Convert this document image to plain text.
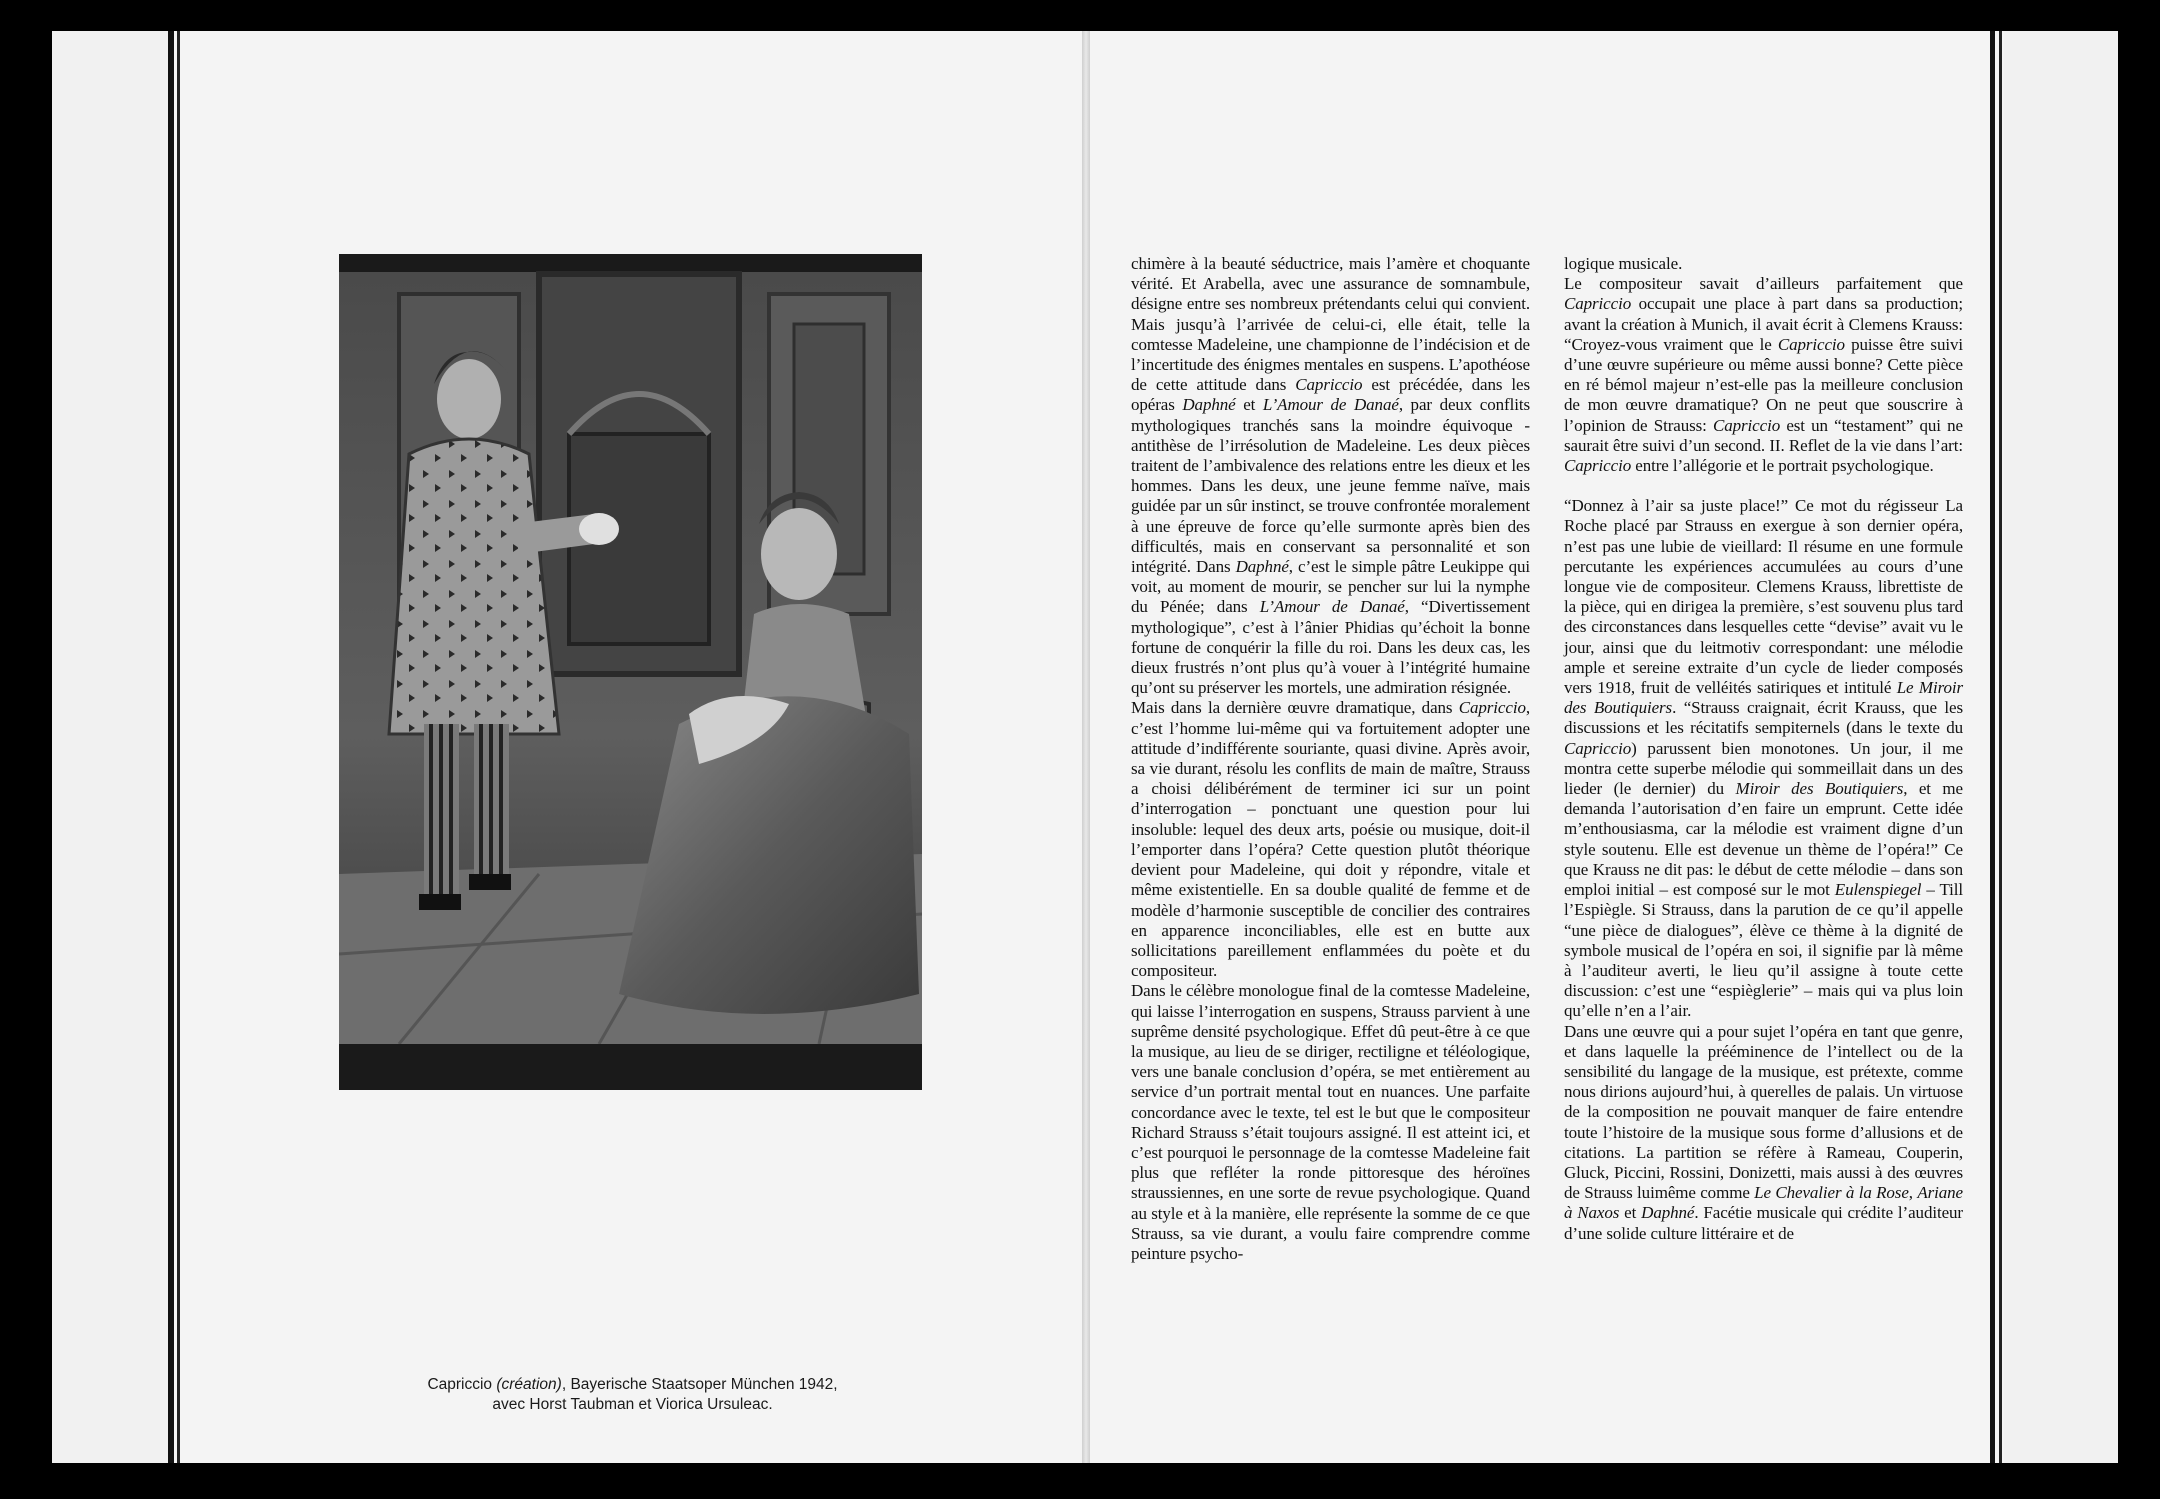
Capriccio (création), Bayerische Staatsoper München 1942,
avec Horst Taubman et Viorica Ursuleac.

chimère à la beauté séductrice, mais l’amère et choquante vérité. Et Arabella, avec une assurance de somnambule, désigne entre ses nombreux prétendants celui qui convient. Mais jusqu’à l’arrivée de celui-ci, elle était, telle la comtesse Madeleine, une championne de l’indécision et de l’incertitude des énigmes mentales en suspens. L’apothéose de cette attitude dans Capriccio est précédée, dans les opéras Daphné et L’Amour de Danaé, par deux conflits mythologiques tranchés sans la moindre équivoque - antithèse de l’irrésolution de Madeleine. Les deux pièces traitent de l’ambivalence des relations entre les dieux et les hommes. Dans les deux, une jeune femme naïve, mais guidée par un sûr instinct, se trouve confrontée moralement à une épreuve de force qu’elle surmonte après bien des difficultés, mais en conservant sa personnalité et son intégrité. Dans Daphné, c’est le simple pâtre Leukippe qui voit, au moment de mourir, se pencher sur lui la nymphe du Pénée; dans L’Amour de Danaé, “Divertissement mythologique”, c’est à l’ânier Phidias qu’échoit la bonne fortune de conquérir la fille du roi. Dans les deux cas, les dieux frustrés n’ont plus qu’à vouer à l’intégrité humaine qu’ont su préserver les mortels, une admiration résignée.

Mais dans la dernière œuvre dramatique, dans Capriccio, c’est l’homme lui-même qui va fortuitement adopter une attitude d’indifférente souriante, quasi divine. Après avoir, sa vie durant, résolu les conflits de main de maître, Strauss a choisi délibérément de terminer ici sur un point d’interrogation – ponctuant une question pour lui insoluble: lequel des deux arts, poésie ou musique, doit-il l’emporter dans l’opéra? Cette question plutôt théorique devient pour Madeleine, qui doit y répondre, vitale et même existentielle. En sa double qualité de femme et de modèle d’harmonie susceptible de concilier des contraires en apparence inconciliables, elle est en butte aux sollicitations pareillement enflammées du poète et du compositeur.

Dans le célèbre monologue final de la comtesse Madeleine, qui laisse l’interrogation en suspens, Strauss parvient à une suprême densité psychologique. Effet dû peut-être à ce que la musique, au lieu de se diriger, rectiligne et téléologique, vers une banale conclusion d’opéra, se met entièrement au service d’un portrait mental tout en nuances. Une parfaite concordance avec le texte, tel est le but que le compositeur Richard Strauss s’était toujours assigné. Il est atteint ici, et c’est pourquoi le personnage de la comtesse Madeleine fait plus que refléter la ronde pittoresque des héroïnes straussiennes, en une sorte de revue psychologique. Quand au style et à la manière, elle représente la somme de ce que Strauss, sa vie durant, a voulu faire comprendre comme peinture psycho-

logique musicale.

Le compositeur savait d’ailleurs parfaitement que Capriccio occupait une place à part dans sa production; avant la création à Munich, il avait écrit à Clemens Krauss: “Croyez-vous vraiment que le Capriccio puisse être suivi d’une œuvre supérieure ou même aussi bonne? Cette pièce en ré bémol majeur n’est-elle pas la meilleure conclusion de mon œuvre dramatique? On ne peut que souscrire à l’opinion de Strauss: Capriccio est un “testament” qui ne saurait être suivi d’un second. II. Reflet de la vie dans l’art: Capriccio entre l’allégorie et le portrait psychologique.

“Donnez à l’air sa juste place!” Ce mot du régisseur La Roche placé par Strauss en exergue à son dernier opéra, n’est pas une lubie de vieillard: Il résume en une formule percutante les expériences accumulées au cours d’une longue vie de compositeur. Clemens Krauss, librettiste de la pièce, qui en dirigea la première, s’est souvenu plus tard des circonstances dans lesquelles cette “devise” avait vu le jour, ainsi que du leitmotiv correspondant: une mélodie ample et sereine extraite d’un cycle de lieder composés vers 1918, fruit de velléités satiriques et intitulé Le Miroir des Boutiquiers. “Strauss craignait, écrit Krauss, que les discussions et les récitatifs sempiternels (dans le texte du Capriccio) parussent bien monotones. Un jour, il me montra cette superbe mélodie qui sommeillait dans un des lieder (le dernier) du Miroir des Boutiquiers, et me demanda l’autorisation d’en faire un emprunt. Cette idée m’enthousiasma, car la mélodie est vraiment digne d’un style soutenu. Elle est devenue un thème de l’opéra!” Ce que Krauss ne dit pas: le début de cette mélodie – dans son emploi initial – est composé sur le mot Eulenspiegel – Till l’Espiègle. Si Strauss, dans la parution de ce qu’il appelle “une pièce de dialogues”, élève ce thème à la dignité de symbole musical de l’opéra en soi, il signifie par là même à l’auditeur averti, le lieu qu’il assigne à toute cette discussion: c’est une “espièglerie” – mais qui va plus loin qu’elle n’en a l’air.

Dans une œuvre qui a pour sujet l’opéra en tant que genre, et dans laquelle la prééminence de l’intellect ou de la sensibilité du langage de la musique, est prétexte, comme nous dirions aujourd’hui, à querelles de palais. Un virtuose de la composition ne pouvait manquer de faire entendre toute l’histoire de la musique sous forme d’allusions et de citations. La partition se réfère à Rameau, Couperin, Gluck, Piccini, Rossini, Donizetti, mais aussi à des œuvres de Strauss luimême comme Le Chevalier à la Rose, Ariane à Naxos et Daphné. Facétie musicale qui crédite l’auditeur d’une solide culture littéraire et de
